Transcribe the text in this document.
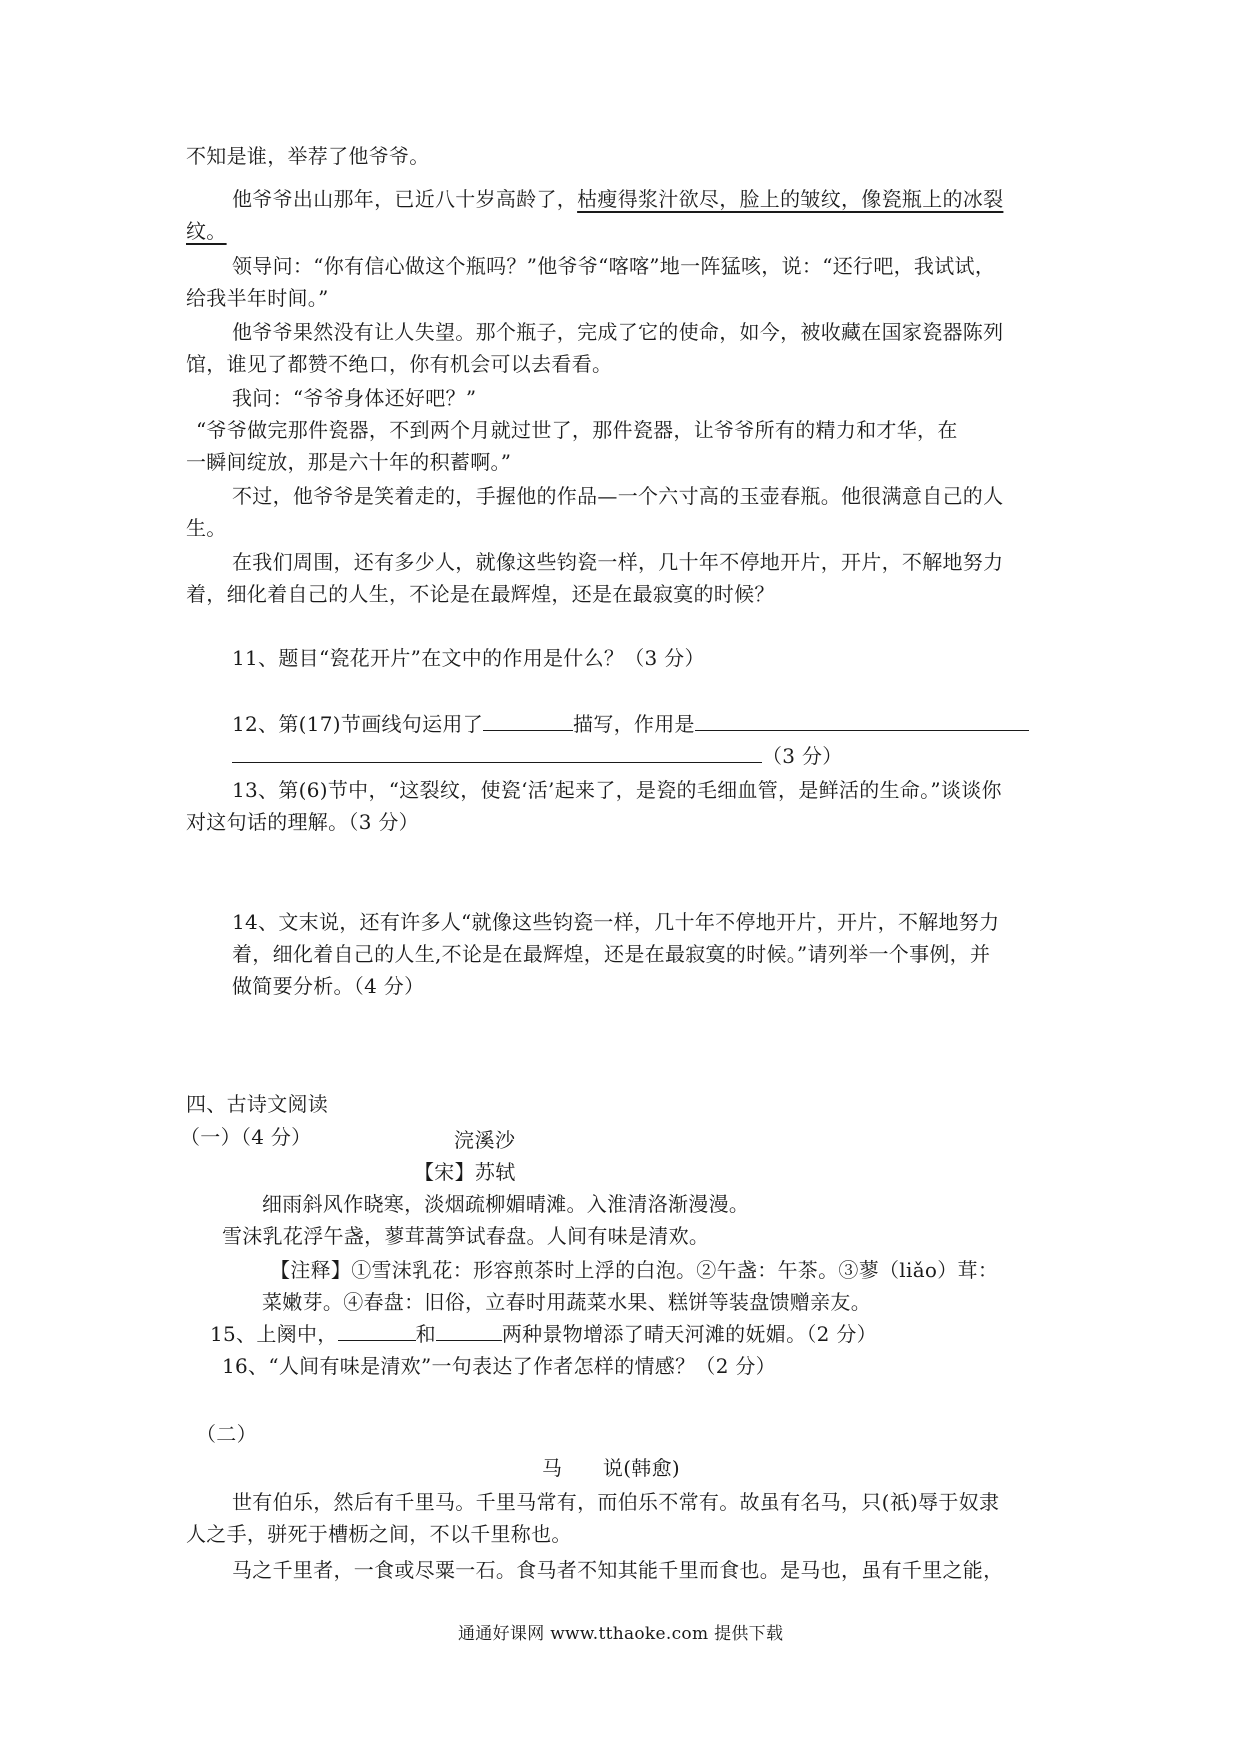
不知是谁，举荐了他爷爷。
他爷爷出山那年，已近八十岁高龄了，枯瘦得浆汁欲尽，脸上的皱纹，像瓷瓶上的冰裂
纹。
领导问：“你有信心做这个瓶吗？”他爷爷“喀喀”地一阵猛咳，说：“还行吧，我试试，
给我半年时间。”
他爷爷果然没有让人失望。那个瓶子，完成了它的使命，如今，被收藏在国家瓷器陈列
馆，谁见了都赞不绝口，你有机会可以去看看。
我问：“爷爷身体还好吧？”
“爷爷做完那件瓷器，不到两个月就过世了，那件瓷器，让爷爷所有的精力和才华，在
一瞬间绽放，那是六十年的积蓄啊。”
不过，他爷爷是笑着走的，手握他的作品—一个六寸高的玉壶春瓶。他很满意自己的人
生。
在我们周围，还有多少人，就像这些钧瓷一样，几十年不停地开片，开片，不解地努力
着，细化着自己的人生，不论是在最辉煌，还是在最寂寞的时候？
11、题目“瓷花开片”在文中的作用是什么？（3 分）
12、第(17)节画线句运用了	描写，作用是
（3 分）
13、第(6)节中，“这裂纹，使瓷‘活’起来了，是瓷的毛细血管，是鲜活的生命。”谈谈你
对这句话的理解。（3 分）
14、文末说，还有许多人“就像这些钧瓷一样，几十年不停地开片，开片，不解地努力
着，细化着自己的人生,不论是在最辉煌，还是在最寂寞的时候。”请列举一个事例，并
做简要分析。（4 分）
四、古诗文阅读
（一）（4 分）	浣溪沙
【宋】苏轼
细雨斜风作晓寒，淡烟疏柳媚晴滩。入淮清洛渐漫漫。
雪沫乳花浮午盏，蓼茸蒿笋试春盘。人间有味是清欢。
【注释】①雪沫乳花：形容煎茶时上浮的白泡。②午盏：午茶。③蓼（liǎo）茸：
菜嫩芽。④春盘：旧俗，立春时用蔬菜水果、糕饼等装盘馈赠亲友。
15、上阕中，	和	两种景物增添了晴天河滩的妩媚。（2 分）
16、“人间有味是清欢”一句表达了作者怎样的情感？（2 分）
（二）
马　　说(韩愈)
世有伯乐，然后有千里马。千里马常有，而伯乐不常有。故虽有名马，只(祇)辱于奴隶
人之手，骈死于槽枥之间，不以千里称也。
马之千里者，一食或尽粟一石。食马者不知其能千里而食也。是马也，虽有千里之能，
通通好课网 www.tthaoke.com 提供下载
